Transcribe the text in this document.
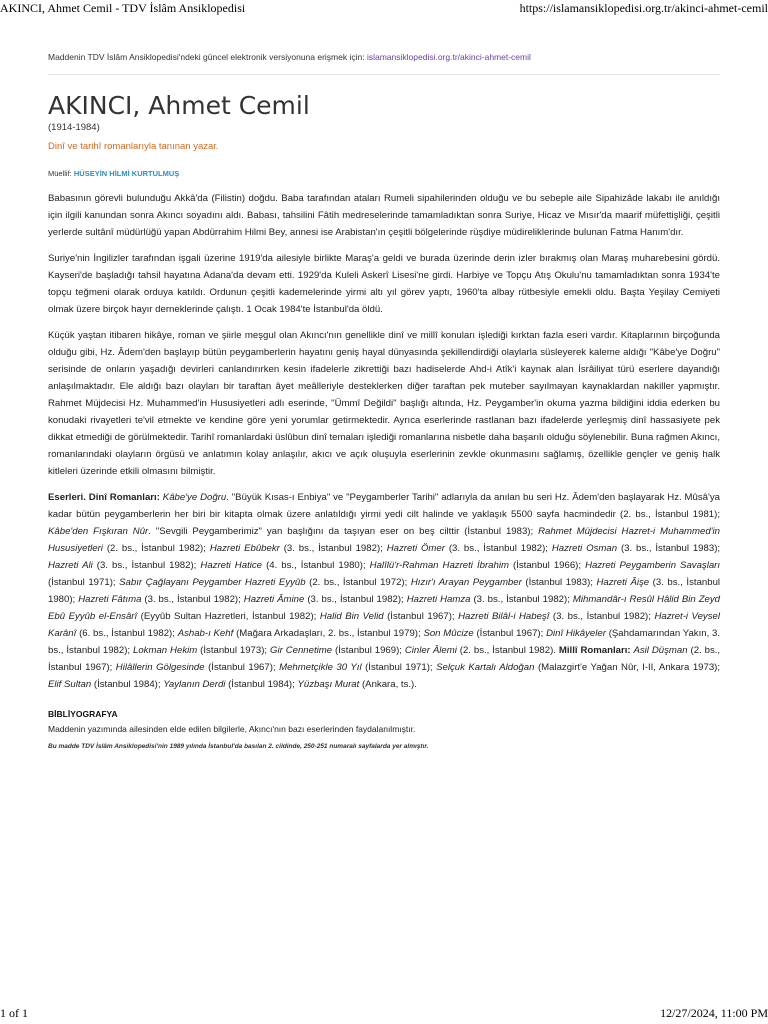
AKINCI, Ahmet Cemil - TDV İslâm Ansiklopedisi	https://islamansiklopedisi.org.tr/akinci-ahmet-cemil
Maddenin TDV İslâm Ansiklopedisi'ndeki güncel elektronik versiyonuna erişmek için: islamansiklopedisi.org.tr/akinci-ahmet-cemil
AKINCI, Ahmet Cemil
(1914-1984)
Dinî ve tarihî romanlarıyla tanınan yazar.
Müellif: HÜSEYİN HİLMİ KURTULMUŞ

Babasının görevli bulunduğu Akkâ'da (Filistin) doğdu. Baba tarafından ataları Rumeli sipahilerinden olduğu ve bu sebeple aile Sipahizâde lakabı ile anıldığı için ilgili kanundan sonra Akıncı soyadını aldı. Babası, tahsilini Fâtih medreselerinde tamamladıktan sonra Suriye, Hicaz ve Mısır'da maarif müfettişliği, çeşitli yerlerde sultânî müdürlüğü yapan Abdürrahim Hilmi Bey, annesi ise Arabistan'ın çeşitli bölgelerinde rüşdiye müdireliklerinde bulunan Fatma Hanım'dır.

Suriye'nin İngilizler tarafından işgali üzerine 1919'da ailesiyle birlikte Maraş'a geldi ve burada üzerinde derin izler bırakmış olan Maraş muharebesini gördü. Kayseri'de başladığı tahsil hayatına Adana'da devam etti. 1929'da Kuleli Askerî Lisesi'ne girdi. Harbiye ve Topçu Atış Okulu'nu tamamladıktan sonra 1934'te topçu teğmeni olarak orduya katıldı. Ordunun çeşitli kademelerinde yirmi altı yıl görev yaptı, 1960'ta albay rütbesiyle emekli oldu. Başta Yeşilay Cemiyeti olmak üzere birçok hayır derneklerinde çalıştı. 1 Ocak 1984'te İstanbul'da öldü.

Küçük yaştan itibaren hikâye, roman ve şiirle meşgul olan Akıncı'nın genellikle dinî ve millî konuları işlediği kırktan fazla eseri vardır. Kitaplarının birçoğunda olduğu gibi, Hz. Âdem'den başlayıp bütün peygamberlerin hayatını geniş hayal dünyasında şekillendirdiği olaylarla süsleyerek kaleme aldığı "Kâbe'ye Doğru" serisinde de onların yaşadığı devirleri canlandırırken kesin ifadelerle zikrettiği bazı hadiselerde Ahd-i Atîk'i kaynak alan İsrâiliyat türü eserlere dayandığı anlaşılmaktadır. Ele aldığı bazı olayları bir taraftan âyet meâlleriyle desteklerken diğer taraftan pek muteber sayılmayan kaynaklardan nakiller yapmıştır. Rahmet Müjdecisi Hz. Muhammed'in Hususiyetleri adlı eserinde, "Ümmî Değildi" başlığı altında, Hz. Peygamber'in okuma yazma bildiğini iddia ederken bu konudaki rivayetleri te'vil etmekte ve kendine göre yeni yorumlar getirmektedir. Ayrıca eserlerinde rastlanan bazı ifadelerde yerleşmiş dinî hassasiyete pek dikkat etmediği de görülmektedir. Tarihî romanlardaki üslûbun dinî temaları işlediği romanlarına nisbetle daha başarılı olduğu söylenebilir. Buna rağmen Akıncı, romanlarındaki olayların örgüsü ve anlatımın kolay anlaşılır, akıcı ve açık oluşuyla eserlerinin zevkle okunmasını sağlamış, özellikle gençler ve geniş halk kitleleri üzerinde etkili olmasını bilmiştir.

Eserleri. Dinî Romanları: Kâbe'ye Doğru. "Büyük Kısas-ı Enbiya" ve "Peygamberler Tarihi" adlarıyla da anılan bu seri Hz. Âdem'den başlayarak Hz. Mûsâ'ya kadar bütün peygamberlerin her biri bir kitapta olmak üzere anlatıldığı yirmi yedi cilt halinde ve yaklaşık 5500 sayfa hacmindedir (2. bs., İstanbul 1981); Kâbe'den Fışkıran Nûr. "Sevgili Peygamberimiz" yan başlığını da taşıyan eser on beş cilttir (İstanbul 1983); Rahmet Müjdecisi Hazret-i Muhammed'in Hususiyetleri (2. bs., İstanbul 1982); Hazreti Ebûbekr (3. bs., İstanbul 1982); Hazreti Ömer (3. bs., İstanbul 1982); Hazreti Osman (3. bs., İstanbul 1983); Hazreti Ali (3. bs., İstanbul 1982); Hazreti Hatice (4. bs., İstanbul 1980); Halîlü'r-Rahman Hazreti İbrahim (İstanbul 1966); Hazreti Peygamberin Savaşları (İstanbul 1971); Sabır Çağlayanı Peygamber Hazreti Eyyûb (2. bs., İstanbul 1972); Hızır'ı Arayan Peygamber (İstanbul 1983); Hazreti Âişe (3. bs., İstanbul 1980); Hazreti Fâtıma (3. bs., İstanbul 1982); Hazreti Âmine (3. bs., İstanbul 1982); Hazreti Hamza (3. bs., İstanbul 1982); Mihmandâr-ı Resûl Hâlid Bin Zeyd Ebû Eyyûb el-Ensârî (Eyyûb Sultan Hazretleri, İstanbul 1982); Halid Bin Velid (İstanbul 1967); Hazreti Bilâl-i Habeşî (3. bs., İstanbul 1982); Hazret-i Veysel Karânî (6. bs., İstanbul 1982); Ashab-ı Kehf (Mağara Arkadaşları, 2. bs., İstanbul 1979); Son Mûcize (İstanbul 1967); Dinî Hikâyeler (Şahdamarından Yakın, 3. bs., İstanbul 1982); Lokman Hekim (İstanbul 1973); Gir Cennetime (İstanbul 1969); Cinler Âlemi (2. bs., İstanbul 1982). Millî Romanları: Asil Düşman (2. bs., İstanbul 1967); Hilâllerin Gölgesinde (İstanbul 1967); Mehmetçikle 30 Yıl (İstanbul 1971); Selçuk Kartalı Aldoğan (Malazgirt'e Yağan Nûr, I-II, Ankara 1973); Elif Sultan (İstanbul 1984); Yaylanın Derdi (İstanbul 1984); Yüzbaşı Murat (Ankara, ts.).

BİBLİYOGRAFYA
Maddenin yazımında ailesinden elde edilen bilgilerle, Akıncı'nın bazı eserlerinden faydalanılmıştır.
Bu madde TDV İslâm Ansiklopedisi'nin 1989 yılında İstanbul'da basılan 2. cildinde, 250-251 numaralı sayfalarda yer almıştır.
1 of 1	12/27/2024, 11:00 PM
